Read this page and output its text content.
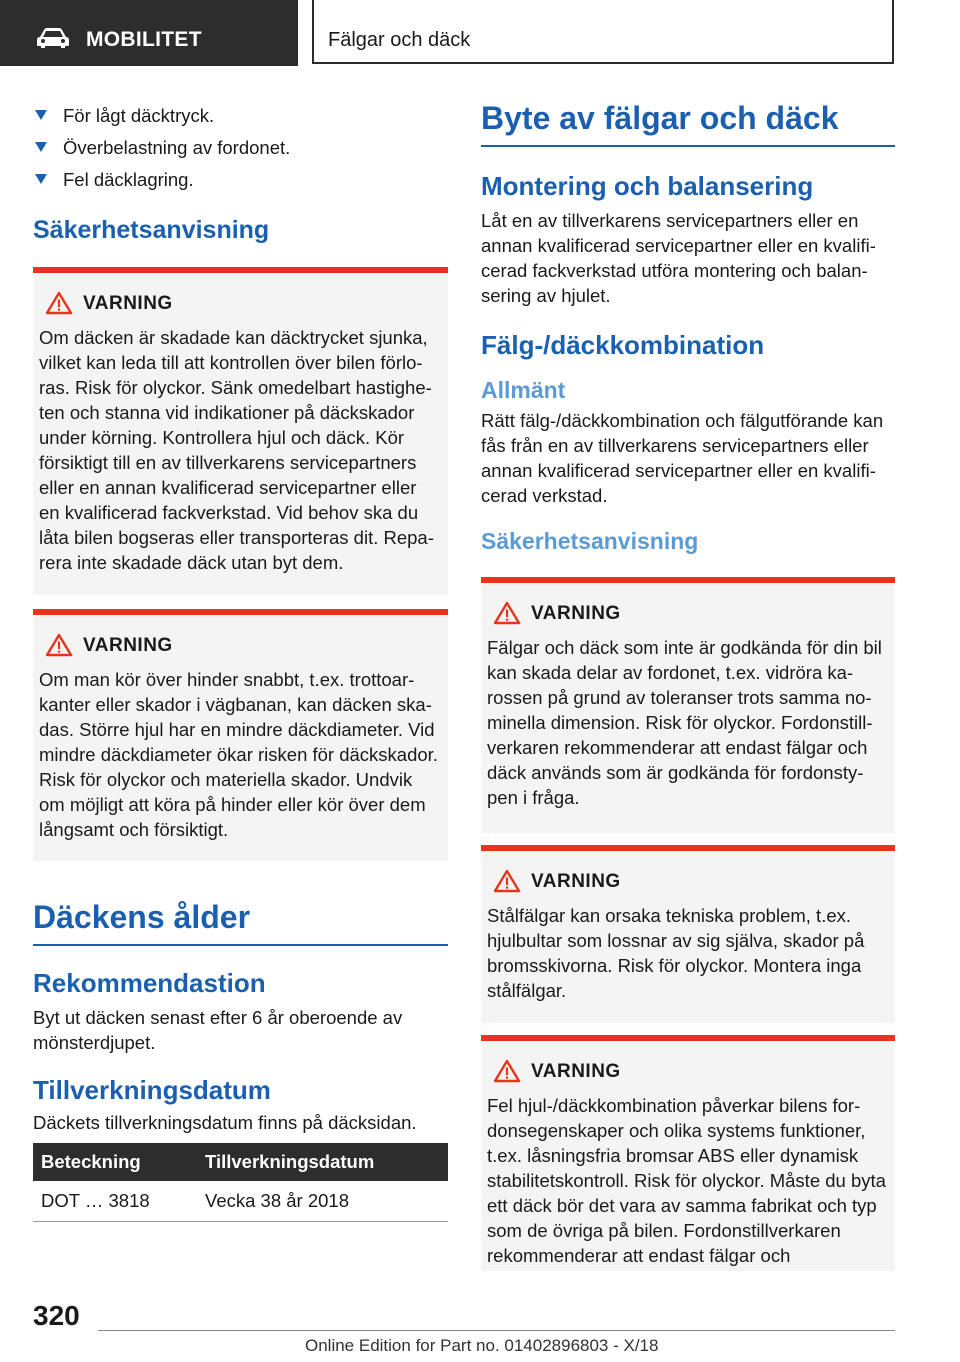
MOBILITET	Fälgar och däck
För lågt däcktryck.
Överbelastning av fordonet.
Fel däcklagring.
Säkerhetsanvisning
VARNING

Om däcken är skadade kan däcktrycket sjunka, vilket kan leda till att kontrollen över bilen förloras. Risk för olyckor. Sänk omedelbart hastigheten och stanna vid indikationer på däckskador under körning. Kontrollera hjul och däck. Kör försiktigt till en av tillverkarens servicepartners eller en annan kvalificerad servicepartner eller en kvalificerad fackverkstad. Vid behov ska du låta bilen bogseras eller transporteras dit. Reparera inte skadade däck utan byt dem.

VARNING

Om man kör över hinder snabbt, t.ex. trottoarkanter eller skador i vägbanan, kan däcken skadas. Större hjul har en mindre däckdiameter. Vid mindre däckdiameter ökar risken för däckskador. Risk för olyckor och materiella skador. Undvik om möjligt att köra på hinder eller kör över dem långsamt och försiktigt.

Däckens ålder
Rekommendastion

Byt ut däcken senast efter 6 år oberoende av mönsterdjupet.

Tillverkningsdatum

Däckets tillverkningsdatum finns på däcksidan.

Beteckning	Tillverkningsdatum
DOT … 3818	Vecka 38 år 2018
Byte av fälgar och däck
Montering och balansering

Låt en av tillverkarens servicepartners eller en annan kvalificerad servicepartner eller en kvalificerad fackverkstad utföra montering och balansering av hjulet.

Fälg-/däckkombination
Allmänt

Rätt fälg-/däckkombination och fälgutförande kan fås från en av tillverkarens servicepartners eller annan kvalificerad servicepartner eller en kvalificerad verkstad.

Säkerhetsanvisning
VARNING

Fälgar och däck som inte är godkända för din bil kan skada delar av fordonet, t.ex. vidröra karossen på grund av toleranser trots samma nominella dimension. Risk för olyckor. Fordonstillverkaren rekommenderar att endast fälgar och däck används som är godkända för fordonstypen i fråga.

VARNING

Stålfälgar kan orsaka tekniska problem, t.ex. hjulbultar som lossnar av sig själva, skador på bromsskivorna. Risk för olyckor. Montera inga stålfälgar.

VARNING

Fel hjul-/däckkombination påverkar bilens fordonsegenskaper och olika systems funktioner, t.ex. låsningsfria bromsar ABS eller dynamisk stabilitetskontroll. Risk för olyckor. Måste du byta ett däck bör det vara av samma fabrikat och typ som de övriga på bilen. Fordonstillverkaren rekommenderar att endast fälgar och

320
Online Edition for Part no. 01402896803 - X/18
